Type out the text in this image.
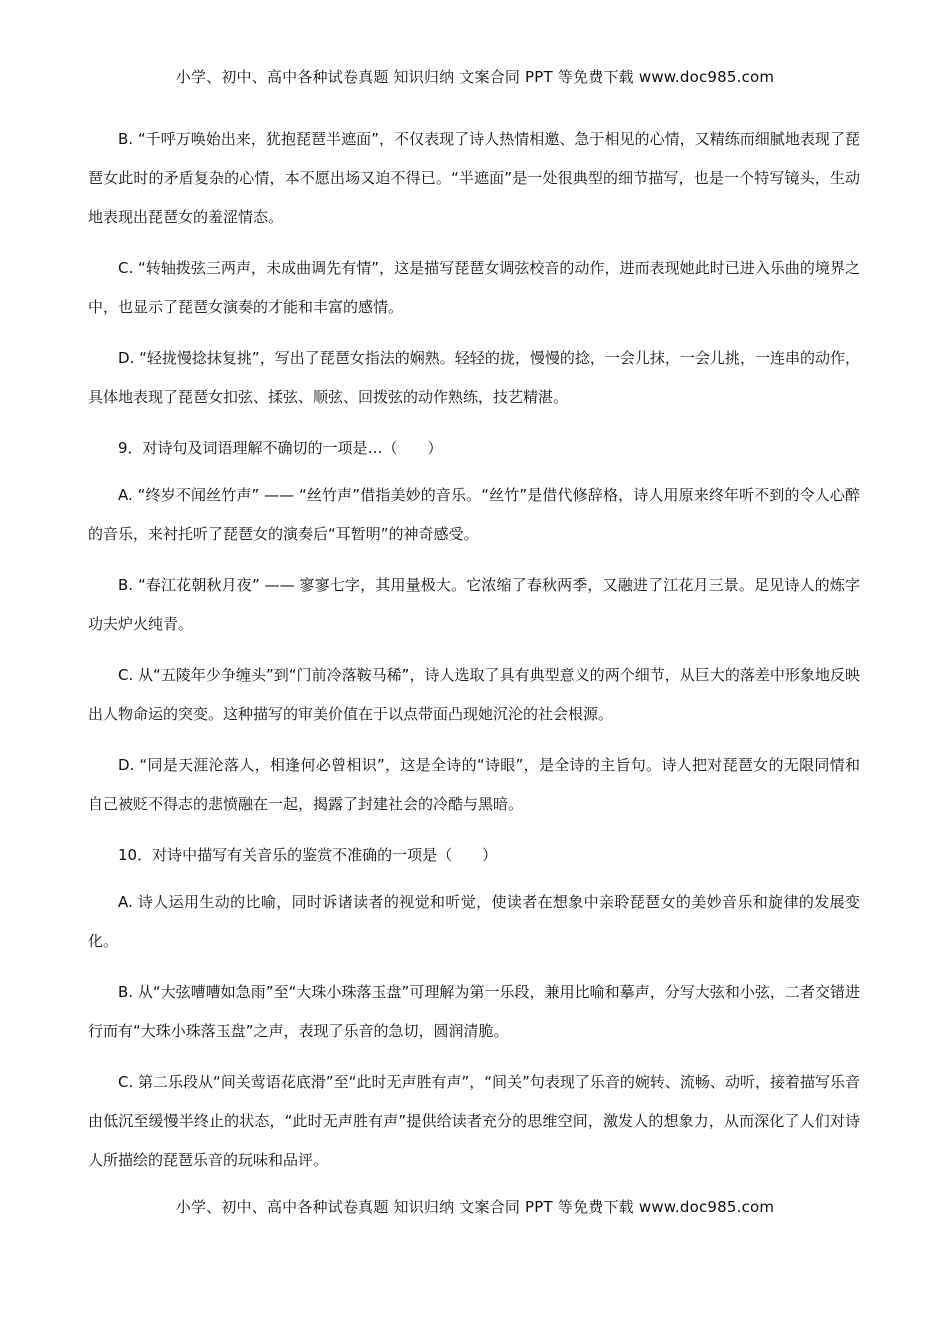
小学、初中、高中各种试卷真题 知识归纳 文案合同 PPT 等免费下载 www.doc985.com

B. “千呼万唤始出来，犹抱琵琶半遮面”，不仅表现了诗人热情相邀、急于相见的心情，又精练而细腻地表现了琵琶女此时的矛盾复杂的心情，本不愿出场又迫不得已。“半遮面”是一处很典型的细节描写，也是一个特写镜头，生动地表现出琵琶女的羞涩情态。

C. “转轴拨弦三两声，未成曲调先有情”，这是描写琵琶女调弦校音的动作，进而表现她此时已进入乐曲的境界之中，也显示了琵琶女演奏的才能和丰富的感情。

D. “轻拢慢捻抹复挑”，写出了琵琶女指法的娴熟。轻轻的拢，慢慢的捻，一会儿抹，一会儿挑，一连串的动作，具体地表现了琵琶女扣弦、揉弦、顺弦、回拨弦的动作熟练，技艺精湛。

9．对诗句及词语理解不确切的一项是…（　　）

A. “终岁不闻丝竹声” —— “丝竹声”借指美妙的音乐。“丝竹”是借代修辞格，诗人用原来终年听不到的令人心醉的音乐，来衬托听了琵琶女的演奏后“耳暂明”的神奇感受。

B. “春江花朝秋月夜” —— 寥寥七字，其用量极大。它浓缩了春秋两季，又融进了江花月三景。足见诗人的炼字功夫炉火纯青。

C. 从“五陵年少争缠头”到“门前冷落鞍马稀”，诗人选取了具有典型意义的两个细节，从巨大的落差中形象地反映出人物命运的突变。这种描写的审美价值在于以点带面凸现她沉沦的社会根源。

D. “同是天涯沦落人，相逢何必曾相识”，这是全诗的“诗眼”，是全诗的主旨句。诗人把对琵琶女的无限同情和自己被贬不得志的悲愤融在一起，揭露了封建社会的冷酷与黑暗。

10．对诗中描写有关音乐的鉴赏不准确的一项是（　　）

A. 诗人运用生动的比喻，同时诉诸读者的视觉和听觉，使读者在想象中亲聆琵琶女的美妙音乐和旋律的发展变化。

B. 从“大弦嘈嘈如急雨”至“大珠小珠落玉盘”可理解为第一乐段，兼用比喻和摹声，分写大弦和小弦，二者交错进行而有“大珠小珠落玉盘”之声，表现了乐音的急切，圆润清脆。

C. 第二乐段从“间关莺语花底滑”至“此时无声胜有声”，“间关”句表现了乐音的婉转、流畅、动听，接着描写乐音由低沉至缓慢半终止的状态，“此时无声胜有声”提供给读者充分的思维空间，激发人的想象力，从而深化了人们对诗人所描绘的琵琶乐音的玩味和品评。

小学、初中、高中各种试卷真题 知识归纳 文案合同 PPT 等免费下载 www.doc985.com
